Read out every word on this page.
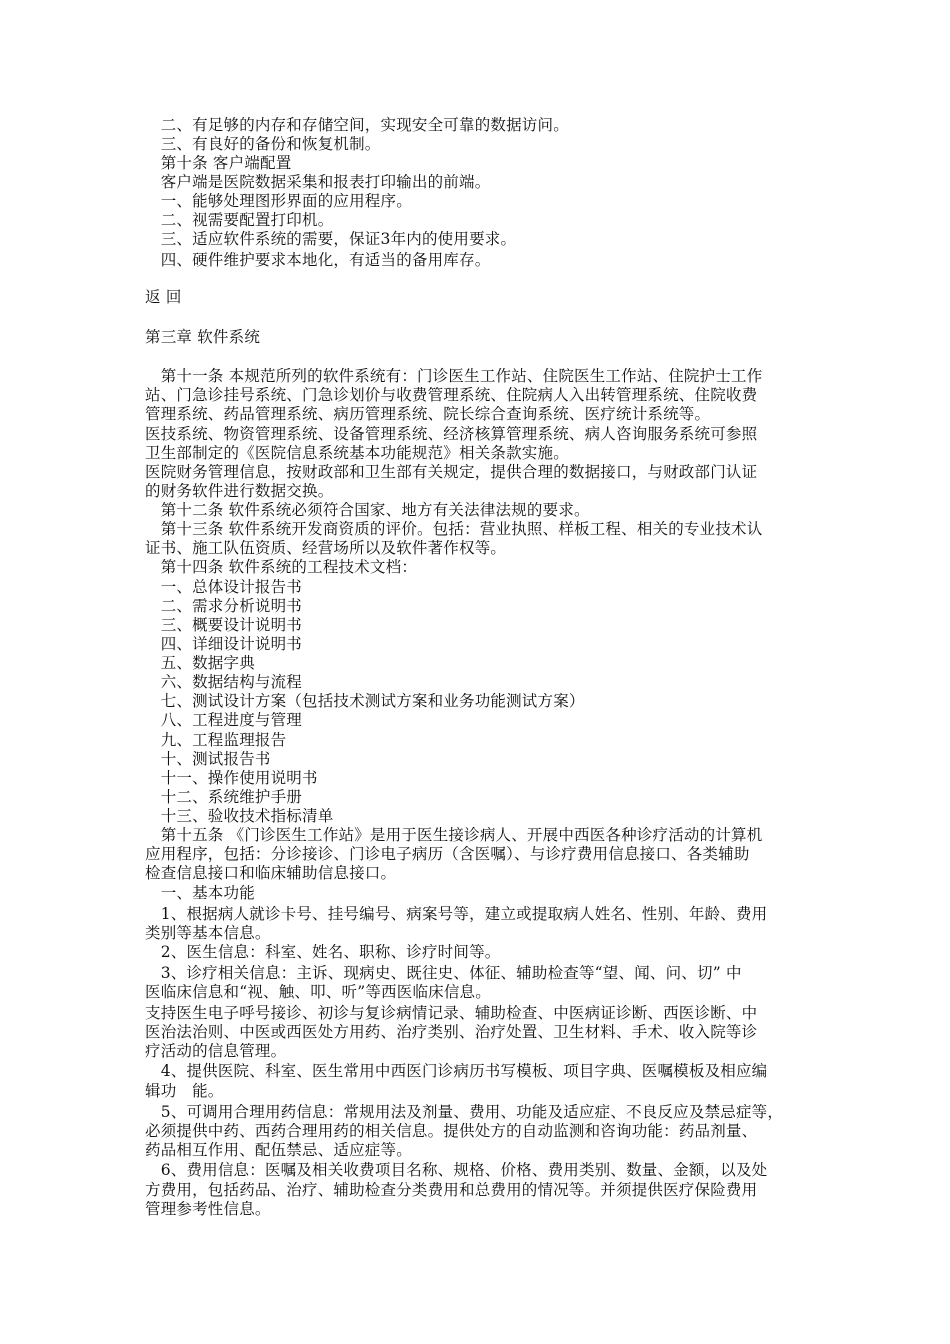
　二、有足够的内存和存储空间，实现安全可靠的数据访问。
　三、有良好的备份和恢复机制。
　第十条 客户端配置
　客户端是医院数据采集和报表打印输出的前端。
　一、能够处理图形界面的应用程序。
　二、视需要配置打印机。
　三、适应软件系统的需要，保证3年内的使用要求。
　四、硬件维护要求本地化，有适当的备用库存。
返 回
第三章 软件系统
　第十一条 本规范所列的软件系统有：门诊医生工作站、住院医生工作站、住院护士工作
站、门急诊挂号系统、门急诊划价与收费管理系统、住院病人入出转管理系统、住院收费
管理系统、药品管理系统、病历管理系统、院长综合查询系统、医疗统计系统等。
医技系统、物资管理系统、设备管理系统、经济核算管理系统、病人咨询服务系统可参照
卫生部制定的《医院信息系统基本功能规范》相关条款实施。
医院财务管理信息，按财政部和卫生部有关规定，提供合理的数据接口，与财政部门认证
的财务软件进行数据交换。
　第十二条 软件系统必须符合国家、地方有关法律法规的要求。
　第十三条 软件系统开发商资质的评价。包括：营业执照、样板工程、相关的专业技术认
证书、施工队伍资质、经营场所以及软件著作权等。
　第十四条 软件系统的工程技术文档：
　一、总体设计报告书
　二、需求分析说明书
　三、概要设计说明书
　四、详细设计说明书
　五、数据字典
　六、数据结构与流程
　七、测试设计方案（包括技术测试方案和业务功能测试方案）
　八、工程进度与管理
　九、工程监理报告
　十、测试报告书
　十一、操作使用说明书
　十二、系统维护手册
　十三、验收技术指标清单
　第十五条 《门诊医生工作站》是用于医生接诊病人、开展中西医各种诊疗活动的计算机
应用程序，包括：分诊接诊、门诊电子病历（含医嘱）、与诊疗费用信息接口、各类辅助
检查信息接口和临床辅助信息接口。
　一、基本功能
　1、根据病人就诊卡号、挂号编号、病案号等，建立或提取病人姓名、性别、年龄、费用
类别等基本信息。
　2、医生信息：科室、姓名、职称、诊疗时间等。
　3、诊疗相关信息：主诉、现病史、既往史、体征、辅助检查等“望、闻、问、切” 中
医临床信息和“视、触、叩、听”等西医临床信息。
支持医生电子呼号接诊、初诊与复诊病情记录、辅助检查、中医病证诊断、西医诊断、中
医治法治则、中医或西医处方用药、治疗类别、治疗处置、卫生材料、手术、收入院等诊
疗活动的信息管理。
　4、提供医院、科室、医生常用中西医门诊病历书写模板、项目字典、医嘱模板及相应编
辑功　能。
　5、可调用合理用药信息：常规用法及剂量、费用、功能及适应症、不良反应及禁忌症等，
必须提供中药、西药合理用药的相关信息。提供处方的自动监测和咨询功能：药品剂量、
药品相互作用、配伍禁忌、适应症等。
　6、费用信息：医嘱及相关收费项目名称、规格、价格、费用类别、数量、金额，以及处
方费用，包括药品、治疗、辅助检查分类费用和总费用的情况等。并须提供医疗保险费用
管理参考性信息。
